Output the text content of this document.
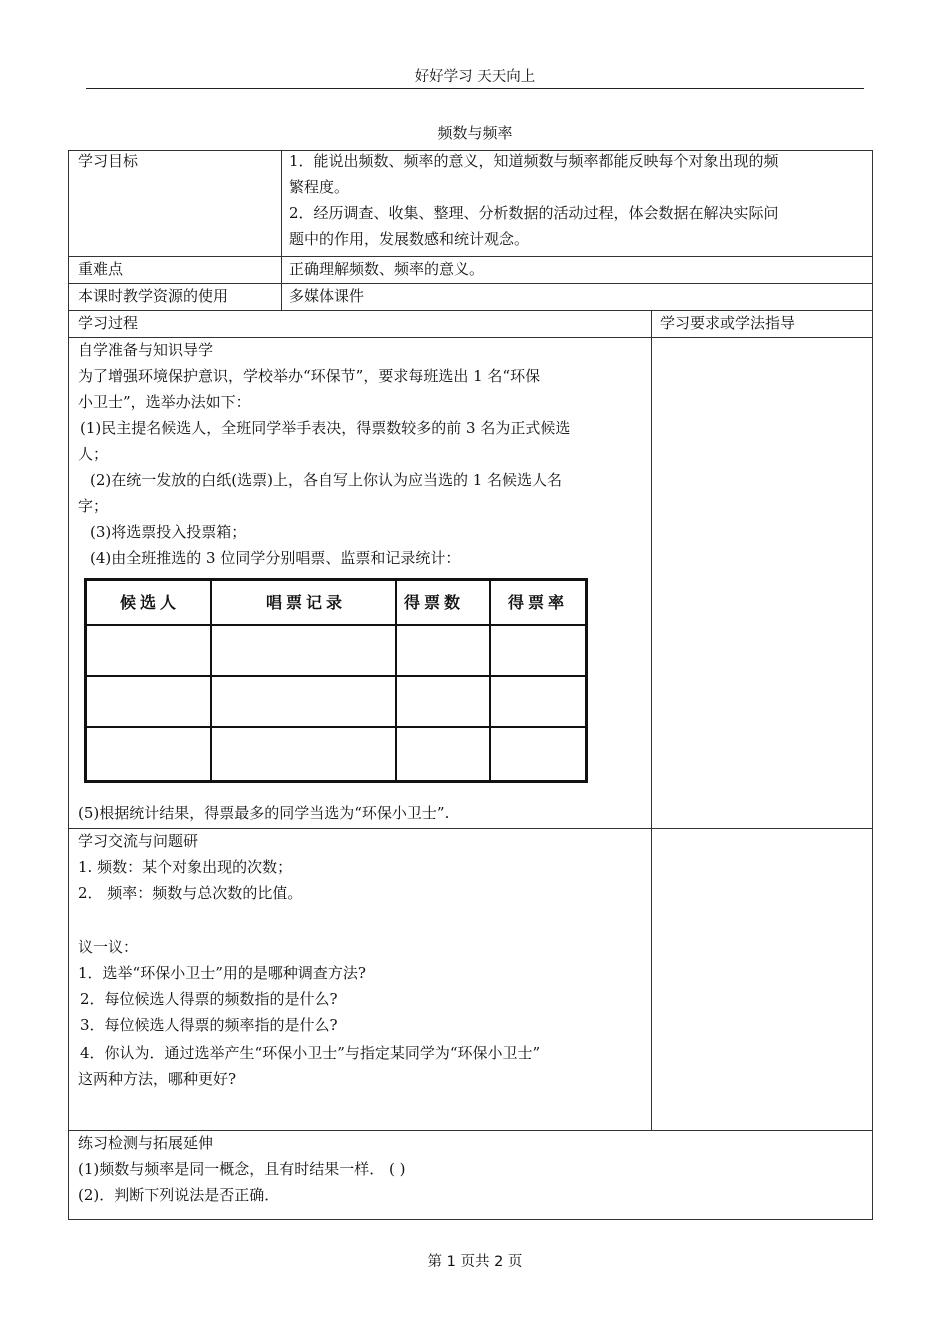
好好学习 天天向上
频数与频率
学习目标	1．能说出频数、频率的意义，知道频数与频率都能反映每个对象出现的频
繁程度。
2．经历调查、收集、整理、分析数据的活动过程，体会数据在解决实际问
题中的作用，发展数感和统计观念。
重难点	正确理解频数、频率的意义。
本课时教学资源的使用	多媒体课件
学习过程	学习要求或学法指导
自学准备与知识导学
为了增强环境保护意识，学校举办“环保节”，要求每班选出 1 名“环保
小卫士”，选举办法如下：
(1)民主提名候选人，全班同学举手表决，得票数较多的前 3 名为正式候选
人；
(2)在统一发放的白纸(选票)上，各自写上你认为应当选的 1 名候选人名
字；
(3)将选票投入投票箱；
(4)由全班推选的 3 位同学分别唱票、监票和记录统计：
(5)根据统计结果，得票最多的同学当选为“环保小卫士”.
学习交流与问题研
1. 频数：某个对象出现的次数；
2． 频率：频数与总次数的比值。
议一议：
1．选举“环保小卫士”用的是哪种调查方法?
2．每位候选人得票的频数指的是什么?
3．每位候选人得票的频率指的是什么?
4．你认为．通过选举产生“环保小卫士”与指定某同学为“环保小卫士”
这两种方法，哪种更好?
练习检测与拓展延伸
(1)频数与频率是同一概念，且有时结果一样． ( )
(2)．判断下列说法是否正确．
候选人	唱票记录	得票数	得票率
第 1 页共 2 页
